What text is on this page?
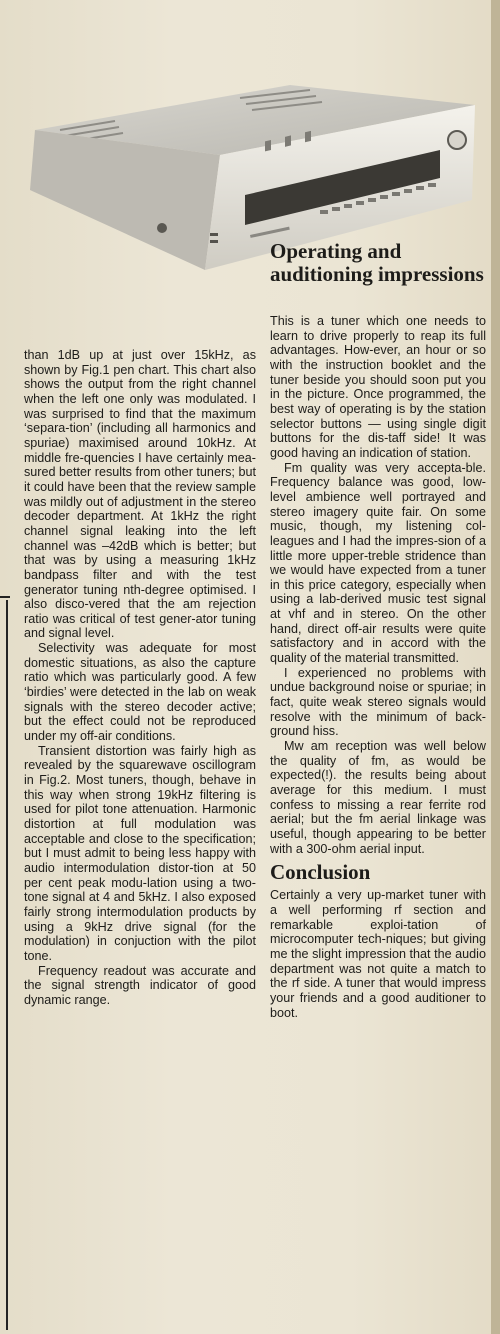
Operating and auditioning impressions

than 1dB up at just over 15kHz, as shown by Fig.1 pen chart. This chart also shows the output from the right channel when the left one only was modulated. I was surprised to find that the maximum ‘separa-tion’ (including all harmonics and spuriae) maximised around 10kHz. At middle fre-quencies I have certainly mea-sured better results from other tuners; but it could have been that the review sample was mildly out of adjustment in the stereo decoder department. At 1kHz the right channel signal leaking into the left channel was –42dB which is better; but that was by using a measuring 1kHz bandpass filter and with the test generator tuning nth-degree optimised. I also disco-vered that the am rejection ratio was critical of test gener-ator tuning and signal level.

Selectivity was adequate for most domestic situations, as also the capture ratio which was particularly good. A few ‘birdies’ were detected in the lab on weak signals with the stereo decoder active; but the effect could not be reproduced under my off-air conditions.

Transient distortion was fairly high as revealed by the squarewave oscillogram in Fig.2. Most tuners, though, behave in this way when strong 19kHz filtering is used for pilot tone attenuation. Harmonic distortion at full modulation was acceptable and close to the specification; but I must admit to being less happy with audio intermodulation distor-tion at 50 per cent peak modu-lation using a two-tone signal at 4 and 5kHz. I also exposed fairly strong intermodulation products by using a 9kHz drive signal (for the modulation) in conjuction with the pilot tone.

Frequency readout was accurate and the signal strength indicator of good dynamic range.

This is a tuner which one needs to learn to drive properly to reap its full advantages. How-ever, an hour or so with the instruction booklet and the tuner beside you should soon put you in the picture. Once programmed, the best way of operating is by the station selector buttons — using single digit buttons for the dis-taff side! It was good having an indication of station.

Fm quality was very accepta-ble. Frequency balance was good, low-level ambience well portrayed and stereo imagery quite fair. On some music, though, my listening col-leagues and I had the impres-sion of a little more upper-treble stridence than we would have expected from a tuner in this price category, especially when using a lab-derived music test signal at vhf and in stereo. On the other hand, direct off-air results were quite satisfactory and in accord with the quality of the material transmitted.

I experienced no problems with undue background noise or spuriae; in fact, quite weak stereo signals would resolve with the minimum of back-ground hiss.

Mw am reception was well below the quality of fm, as would be expected(!). the results being about average for this medium. I must confess to missing a rear ferrite rod aerial; but the fm aerial linkage was useful, though appearing to be better with a 300-ohm aerial input.

Conclusion

Certainly a very up-market tuner with a well performing rf section and remarkable exploi-tation of microcomputer tech-niques; but giving me the slight impression that the audio department was not quite a match to the rf side. A tuner that would impress your friends and a good auditioner to boot.
